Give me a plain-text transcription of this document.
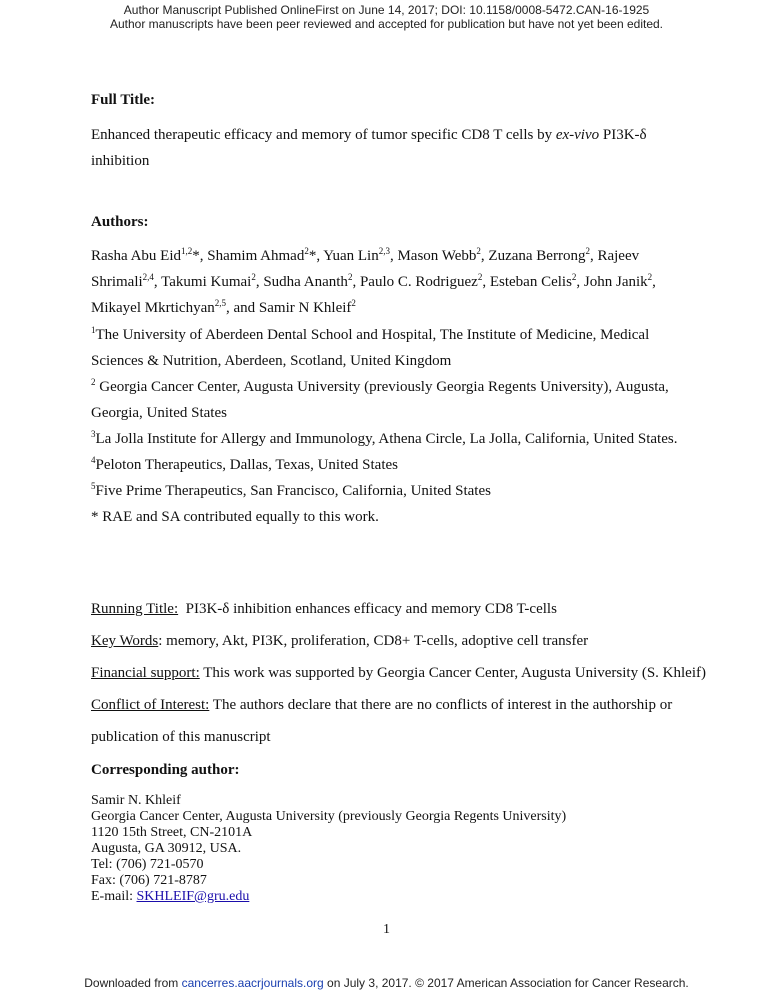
Author Manuscript Published OnlineFirst on June 14, 2017; DOI: 10.1158/0008-5472.CAN-16-1925
Author manuscripts have been peer reviewed and accepted for publication but have not yet been edited.
Full Title:
Enhanced therapeutic efficacy and memory of tumor specific CD8 T cells by ex-vivo PI3K-δ
inhibition
Authors:
Rasha Abu Eid$^{1,2}$*, Shamim Ahmad$^2$*, Yuan Lin$^{2,3}$, Mason Webb$^2$, Zuzana Berrong$^2$, Rajeev Shrimali$^{2,4}$, Takumi Kumai$^2$, Sudha Ananth$^2$, Paulo C. Rodriguez$^2$, Esteban Celis$^2$, John Janik$^2$, Mikayel Mkrtichyan$^{2,5}$, and Samir N Khleif$^2$
$^1$The University of Aberdeen Dental School and Hospital, The Institute of Medicine, Medical Sciences & Nutrition, Aberdeen, Scotland, United Kingdom
$^2$ Georgia Cancer Center, Augusta University (previously Georgia Regents University), Augusta, Georgia, United States
$^3$La Jolla Institute for Allergy and Immunology, Athena Circle, La Jolla, California, United States.
$^4$Peloton Therapeutics, Dallas, Texas, United States
$^5$Five Prime Therapeutics, San Francisco, California, United States
* RAE and SA contributed equally to this work.
Running Title:  PI3K-δ inhibition enhances efficacy and memory CD8 T-cells
Key Words: memory, Akt, PI3K, proliferation, CD8+ T-cells, adoptive cell transfer
Financial support: This work was supported by Georgia Cancer Center, Augusta University (S. Khleif)
Conflict of Interest: The authors declare that there are no conflicts of interest in the authorship or
publication of this manuscript
Corresponding author:
Samir N. Khleif
Georgia Cancer Center, Augusta University (previously Georgia Regents University)
1120 15th Street, CN-2101A
Augusta, GA 30912, USA.
Tel: (706) 721-0570
Fax: (706) 721-8787
E-mail: SKHLEIF@gru.edu
1
Downloaded from cancerres.aacrjournals.org on July 3, 2017. © 2017 American Association for Cancer Research.
